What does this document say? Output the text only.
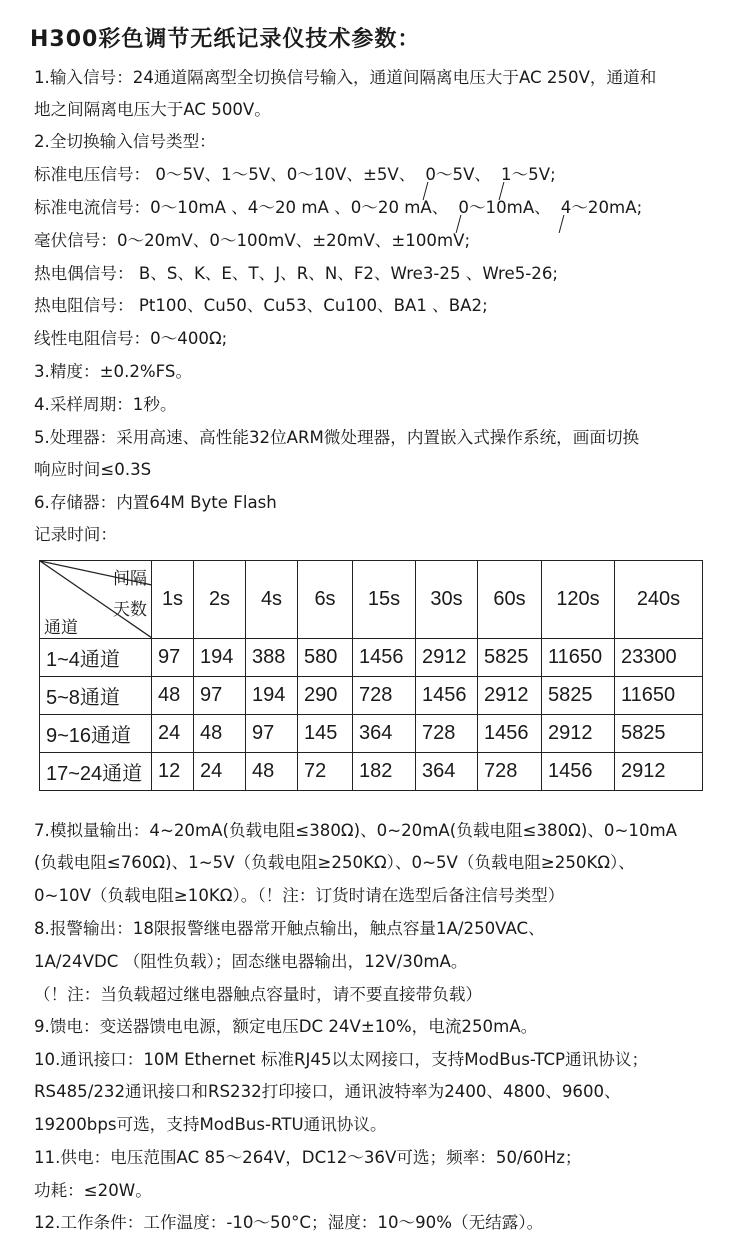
H300彩色调节无纸记录仪技术参数：
1.输入信号：24通道隔离型全切换信号输入，通道间隔离电压大于AC 250V，通道和
地之间隔离电压大于AC 500V。
2.全切换输入信号类型：
标准电压信号： 0～5V、1～5V、0～10V、±5V、 0～5V、 1～5V;
标准电流信号：0～10mA 、4～20 mA 、0～20 mA、 0～10mA、 4～20mA;
毫伏信号：0～20mV、0～100mV、±20mV、±100mV;
热电偶信号： B、S、K、E、T、J、R、N、F2、Wre3-25 、Wre5-26;
热电阻信号： Pt100、Cu50、Cu53、Cu100、BA1 、BA2;
线性电阻信号：0～400Ω;
3.精度：±0.2%FS。
4.采样周期：1秒。
5.处理器：采用高速、高性能32位ARM微处理器，内置嵌入式操作系统，画面切换
响应时间≤0.3S
6.存储器：内置64M Byte Flash
记录时间：
间隔
天数
通道	1s	2s	4s	6s	15s	30s	60s	120s	240s
1~4通道	97	194	388	580	1456	2912	5825	11650	23300
5~8通道	48	97	194	290	728	1456	2912	5825	11650
9~16通道	24	48	97	145	364	728	1456	2912	5825
17~24通道	12	24	48	72	182	364	728	1456	2912
7.模拟量输出：4~20mA(负载电阻≤380Ω)、0~20mA(负载电阻≤380Ω)、0~10mA
(负载电阻≤760Ω)、1~5V（负载电阻≥250KΩ）、0~5V（负载电阻≥250KΩ）、
0~10V（负载电阻≥10KΩ）。（！注：订货时请在选型后备注信号类型）
8.报警输出：18限报警继电器常开触点输出，触点容量1A/250VAC、
1A/24VDC （阻性负载）；固态继电器输出，12V/30mA。
（！注：当负载超过继电器触点容量时，请不要直接带负载）
9.馈电：变送器馈电电源，额定电压DC 24V±10%，电流250mA。
10.通讯接口：10M Ethernet 标准RJ45以太网接口，支持ModBus-TCP通讯协议；
RS485/232通讯接口和RS232打印接口，通讯波特率为2400、4800、9600、
19200bps可选，支持ModBus-RTU通讯协议。
11.供电：电压范围AC 85～264V，DC12～36V可选；频率：50/60Hz；
功耗：≤20W。
12.工作条件：工作温度：-10～50°C；湿度：10～90%（无结露）。
